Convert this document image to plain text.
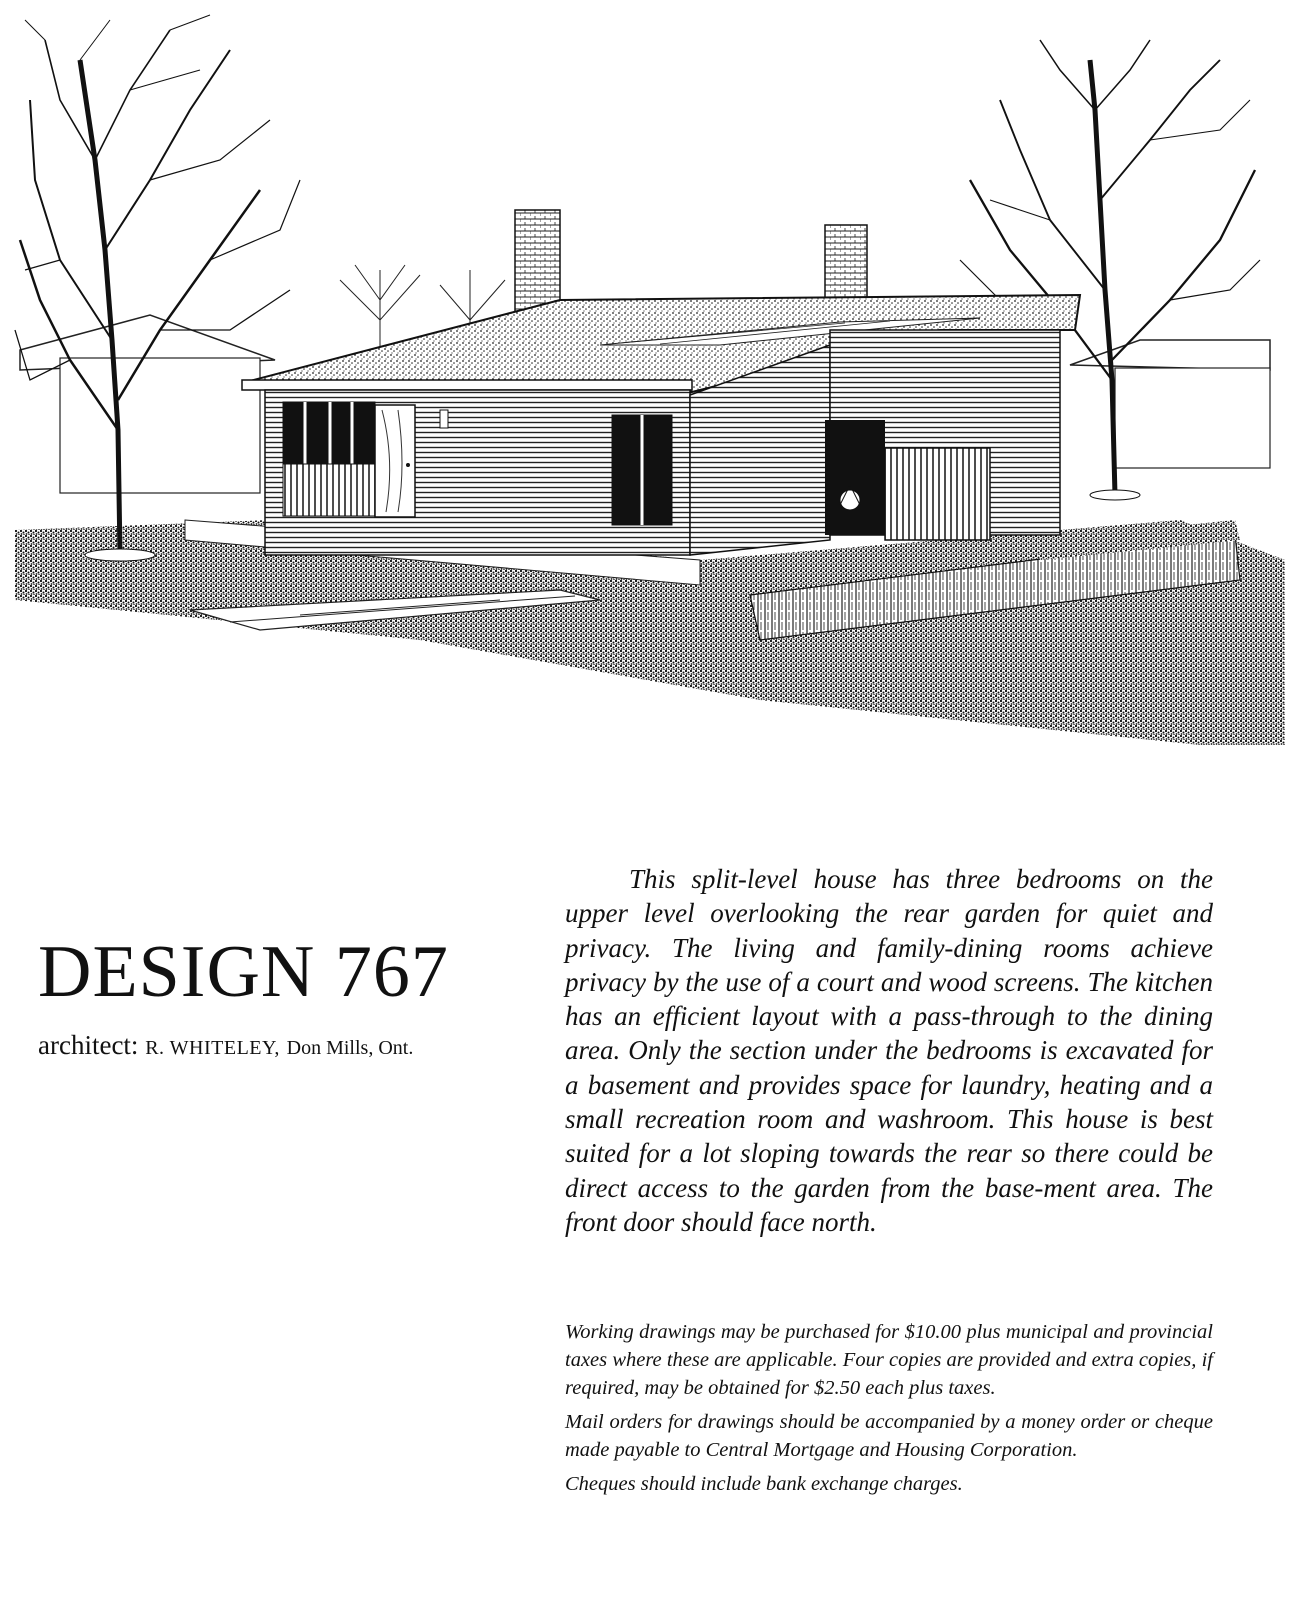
DESIGN 767
architect: R. WHITELEY, Don Mills, Ont.

This split-level house has three bedrooms on the upper level overlooking the rear garden for quiet and privacy. The living and family-dining rooms achieve privacy by the use of a court and wood screens. The kitchen has an efficient layout with a pass-through to the dining area. Only the section under the bedrooms is excavated for a basement and provides space for laundry, heating and a small recreation room and washroom. This house is best suited for a lot sloping towards the rear so there could be direct access to the garden from the base-ment area. The front door should face north.

Working drawings may be purchased for $10.00 plus municipal and provincial taxes where these are applicable. Four copies are provided and extra copies, if required, may be obtained for $2.50 each plus taxes.

Mail orders for drawings should be accompanied by a money order or cheque made payable to Central Mortgage and Housing Corporation.

Cheques should include bank exchange charges.
